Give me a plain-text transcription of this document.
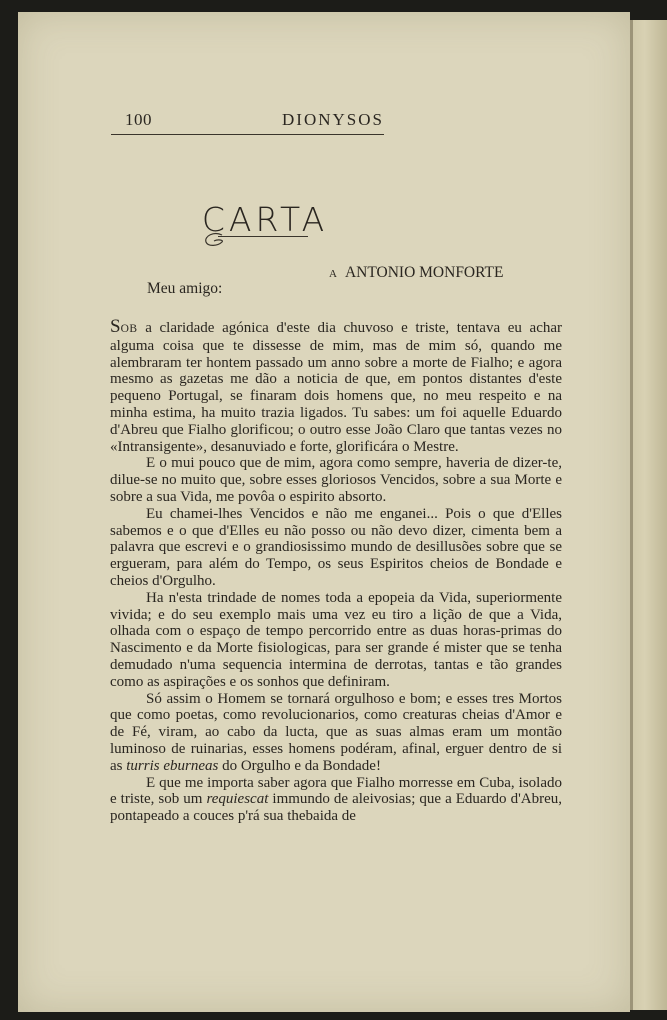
100	DIONYSOS
CARTA
A ANTONIO MONFORTE
Meu amigo:

SOB a claridade agónica d'este dia chuvoso e triste, tentava eu achar alguma coisa que te dissesse de mim, mas de mim só, quando me alembraram ter hontem passado um anno sobre a morte de Fialho; e agora mesmo as gazetas me dão a noticia de que, em pontos distantes d'este pequeno Portugal, se finaram dois homens que, no meu respeito e na minha estima, ha muito trazia ligados. Tu sabes: um foi aquelle Eduardo d'Abreu que Fialho glorificou; o outro esse João Claro que tantas vezes no «Intransigente», desanuviado e forte, glorificára o Mestre.

E o mui pouco que de mim, agora como sempre, haveria de dizer-te, dilue-se no muito que, sobre esses gloriosos Vencidos, sobre a sua Morte e sobre a sua Vida, me povôa o espirito absorto.

Eu chamei-lhes Vencidos e não me enganei... Pois o que d'Elles sabemos e o que d'Elles eu não posso ou não devo dizer, cimenta bem a palavra que escrevi e o grandiosissimo mundo de desillusões sobre que se ergueram, para além do Tempo, os seus Espiritos cheios de Bondade e cheios d'Orgulho.

Ha n'esta trindade de nomes toda a epopeia da Vida, superiormente vivida; e do seu exemplo mais uma vez eu tiro a lição de que a Vida, olhada com o espaço de tempo percorrido entre as duas horas-primas do Nascimento e da Morte fisiologicas, para ser grande é mister que se tenha demudado n'uma sequencia interminа de derrotas, tantas e tão grandes como as aspirações e os sonhos que definiram.

Só assim o Homem se tornará orgulhoso e bom; e esses tres Mortos que como poetas, como revolucionarios, como creaturas cheias d'Amor e de Fé, viram, ao cabo da lucta, que as suas almas eram um montão luminoso de ruinarias, esses homens podéram, afinal, erguer dentro de si as turris eburneas do Orgulho e da Bondade!

E que me importa saber agora que Fialho morresse em Cuba, isolado e triste, sob um requiescat immundo de aleivosias; que a Eduardo d'Abreu, pontapeado a couces p'rá sua thebaida de
